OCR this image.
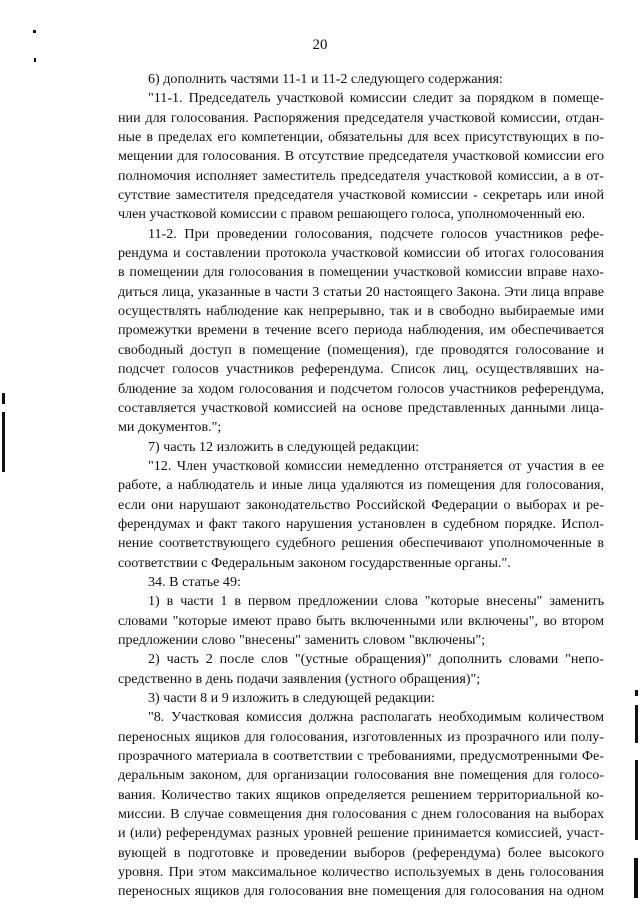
20
6) дополнить частями 11-1 и 11-2 следующего содержания:
"11-1. Председатель участковой комиссии следит за порядком в помеще-
нии для голосования. Распоряжения председателя участковой комиссии, отдан-
ные в пределах его компетенции, обязательны для всех присутствующих в по-
мещении для голосования. В отсутствие председателя участковой комиссии его
полномочия исполняет заместитель председателя участковой комиссии, а в от-
сутствие заместителя председателя участковой комиссии - секретарь или иной
член участковой комиссии с правом решающего голоса, уполномоченный ею.
11-2. При проведении голосования, подсчете голосов участников рефе-
рендума и составлении протокола участковой комиссии об итогах голосования
в помещении для голосования в помещении участковой комиссии вправе нахо-
диться лица, указанные в части 3 статьи 20 настоящего Закона. Эти лица вправе
осуществлять наблюдение как непрерывно, так и в свободно выбираемые ими
промежутки времени в течение всего периода наблюдения, им обеспечивается
свободный доступ в помещение (помещения), где проводятся голосование и
подсчет голосов участников референдума. Список лиц, осуществлявших на-
блюдение за ходом голосования и подсчетом голосов участников референдума,
составляется участковой комиссией на основе представленных данными лица-
ми документов.";
7) часть 12 изложить в следующей редакции:
"12. Член участковой комиссии немедленно отстраняется от участия в ее
работе, а наблюдатель и иные лица удаляются из помещения для голосования,
если они нарушают законодательство Российской Федерации о выборах и ре-
ферендумах и факт такого нарушения установлен в судебном порядке. Испол-
нение соответствующего судебного решения обеспечивают уполномоченные в
соответствии с Федеральным законом государственные органы.".
34. В статье 49:
1) в части 1 в первом предложении слова "которые внесены" заменить
словами "которые имеют право быть включенными или включены", во втором
предложении слово "внесены" заменить словом "включены";
2) часть 2 после слов "(устные обращения)" дополнить словами "непо-
средственно в день подачи заявления (устного обращения)";
3) части 8 и 9 изложить в следующей редакции:
"8. Участковая комиссия должна располагать необходимым количеством
переносных ящиков для голосования, изготовленных из прозрачного или полу-
прозрачного материала в соответствии с требованиями, предусмотренными Фе-
деральным законом, для организации голосования вне помещения для голосо-
вания. Количество таких ящиков определяется решением территориальной ко-
миссии. В случае совмещения дня голосования с днем голосования на выборах
и (или) референдумах разных уровней решение принимается комиссией, участ-
вующей в подготовке и проведении выборов (референдума) более высокого
уровня. При этом максимальное количество используемых в день голосования
переносных ящиков для голосования вне помещения для голосования на одном
